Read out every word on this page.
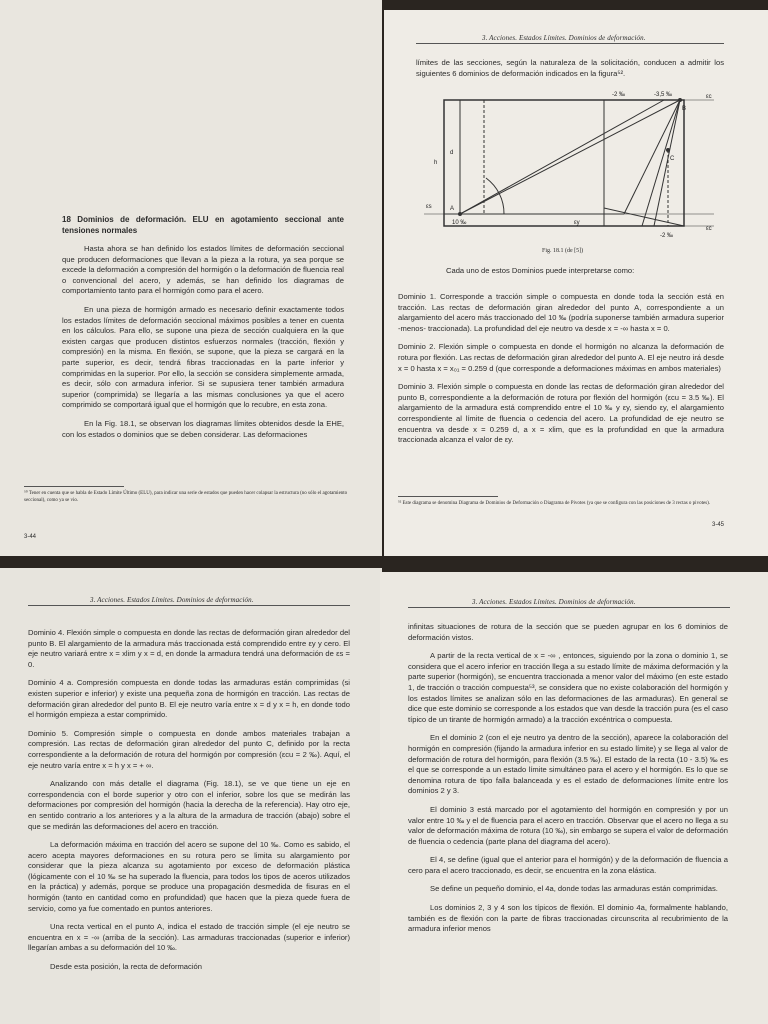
18 Dominios de deformación. ELU en agotamiento seccional ante tensiones normales

Hasta ahora se han definido los estados límites de deformación seccional que producen deformaciones que llevan a la pieza a la rotura, ya sea porque se excede la deformación a compresión del hormigón o la deformación de fluencia real o convencional del acero, y además, se han definido los diagramas de comportamiento tanto para el hormigón como para el acero.

En una pieza de hormigón armado es necesario definir exactamente todos los estados límites de deformación seccional máximos posibles a tener en cuenta en los cálculos. Para ello, se supone una pieza de sección cualquiera en la que existen cargas que producen distintos esfuerzos normales (tracción, flexión y compresión) en la misma. En flexión, se supone, que la pieza se cargará en la parte superior, es decir, tendrá fibras traccionadas en la parte inferior y comprimidas en la superior. Por ello, la sección se considera simplemente armada, es decir, sólo con armadura inferior. Si se supusiera tener también armadura superior (comprimida) se llegaría a las mismas conclusiones ya que el acero comprimido se comportará igual que el hormigón que lo recubre, en esta zona.

En la Fig. 18.1, se observan los diagramas límites obtenidos desde la EHE, con los estados o dominios que se deben considerar. Las deformaciones

⁵⁰ Tener en cuenta que se habla de Estado Límite Último (ELU), para indicar una serie de estados que pueden hacer colapsar la estructura (no sólo el agotamiento seccional), como ya se vio.
3-44
3. Acciones. Estados Límites. Dominios de deformación.
límites de las secciones, según la naturaleza de la solicitación, conducen a admitir los siguientes 6 dominios de deformación indicados en la figura⁵².
-2 ‰	-3,5 ‰	εc
εs
10 ‰
-2 ‰
εc
εy
A
B
C
h
d
Fig. 18.1 (de [5])
Cada uno de estos Dominios puede interpretarse como:

Dominio 1. Corresponde a tracción simple o compuesta en donde toda la sección está en tracción. Las rectas de deformación giran alrededor del punto A, correspondiente a un alargamiento del acero más traccionado del 10 ‰ (podría suponerse también armadura superior -menos- traccionada). La profundidad del eje neutro va desde x = -∞ hasta x = 0.

Dominio 2. Flexión simple o compuesta en donde el hormigón no alcanza la deformación de rotura por flexión. Las rectas de deformación giran alrededor del punto A. El eje neutro irá desde x = 0 hasta x = x₀₁ = 0.259 d (que corresponde a deformaciones máximas en ambos materiales)

Dominio 3. Flexión simple o compuesta en donde las rectas de deformación giran alrededor del punto B, correspondiente a la deformación de rotura por flexión del hormigón (εcu = 3.5 ‰). El alargamiento de la armadura está comprendido entre el 10 ‰ y εy, siendo εy, el alargamiento correspondiente al límite de fluencia o cedencia del acero. La profundidad de eje neutro se encuentra va desde x = 0.259 d, a x = xlim, que es la profundidad en que la armadura traccionada alcanza el valor de εy.

⁵² Este diagrama se denomina Diagrama de Dominios de Deformación o Diagrama de Pivotes (ya que se configura con las posiciones de 3 rectas o pivotes).
3-45
3. Acciones. Estados Límites. Dominios de deformación.

Dominio 4. Flexión simple o compuesta en donde las rectas de deformación giran alrededor del punto B. El alargamiento de la armadura más traccionada está comprendido entre εy y cero. El eje neutro variará entre x = xlim y x = d, en donde la armadura tendrá una deformación de εs = 0.

Dominio 4 a. Compresión compuesta en donde todas las armaduras están comprimidas (si existen superior e inferior) y existe una pequeña zona de hormigón en tracción. Las rectas de deformación giran alrededor del punto B. El eje neutro varía entre x = d y x = h, en donde todo el hormigón empieza a estar comprimido.

Dominio 5. Compresión simple o compuesta en donde ambos materiales trabajan a compresión. Las rectas de deformación giran alrededor del punto C, definido por la recta correspondiente a la deformación de rotura del hormigón por compresión (εcu = 2 ‰). Aquí, el eje neutro varía entre x = h y x = + ∞.

Analizando con más detalle el diagrama (Fig. 18.1), se ve que tiene un eje en correspondencia con el borde superior y otro con el inferior, sobre los que se medirán las deformaciones por compresión del hormigón (hacia la derecha de la referencia). Hay otro eje, en sentido contrario a los anteriores y a la altura de la armadura de tracción (abajo) sobre el que se medirán las deformaciones del acero en tracción.

La deformación máxima en tracción del acero se supone del 10 ‰. Como es sabido, el acero acepta mayores deformaciones en su rotura pero se limita su alargamiento por considerar que la pieza alcanza su agotamiento por exceso de deformación plástica (lógicamente con el 10 ‰ se ha superado la fluencia, para todos los tipos de aceros utilizados en la práctica) y además, porque se produce una propagación desmedida de fisuras en el hormigón (tanto en cantidad como en profundidad) que hacen que la pieza quede fuera de servicio, como ya fue comentado en puntos anteriores.

Una recta vertical en el punto A, indica el estado de tracción simple (el eje neutro se encuentra en x = -∞ (arriba de la sección). Las armaduras traccionadas (superior e inferior) llegarían ambas a su deformación del 10 ‰.

Desde esta posición, la recta de deformación

3. Acciones. Estados Límites. Dominios de deformación.

infinitas situaciones de rotura de la sección que se pueden agrupar en los 6 dominios de deformación vistos.

A partir de la recta vertical de x = -∞ , entonces, siguiendo por la zona o dominio 1, se considera que el acero inferior en tracción llega a su estado límite de máxima deformación y la parte superior (hormigón), se encuentra traccionada a menor valor del máximo (en este estado 1, de tracción o tracción compuesta⁵³, se considera que no existe colaboración del hormigón y los estados límites se analizan sólo en las deformaciones de las armaduras). En general se dice que este dominio se corresponde a los estados que van desde la tracción pura (es el caso típico de un tirante de hormigón armado) a la tracción excéntrica o compuesta.

En el dominio 2 (con el eje neutro ya dentro de la sección), aparece la colaboración del hormigón en compresión (fijando la armadura inferior en su estado límite) y se llega al valor de deformación de rotura del hormigón, para flexión (3.5 ‰). El estado de la recta (10 - 3.5) ‰ es el que se corresponde a un estado límite simultáneo para el acero y el hormigón. Es lo que se denomina rotura de tipo falla balanceada y es el estado de deformaciones límite entre los dominios 2 y 3.

El dominio 3 está marcado por el agotamiento del hormigón en compresión y por un valor entre 10 ‰ y el de fluencia para el acero en tracción. Observar que el acero no llega a su valor de deformación máxima de rotura (10 ‰), sin embargo se supera el valor de deformación de fluencia o cedencia (parte plana del diagrama del acero).

El 4, se define (igual que el anterior para el hormigón) y de la deformación de fluencia a cero para el acero traccionado, es decir, se encuentra en la zona elástica.

Se define un pequeño dominio, el 4a, donde todas las armaduras están comprimidas.

Los dominios 2, 3 y 4 son los típicos de flexión. El dominio 4a, formalmente hablando, también es de flexión con la parte de fibras traccionadas circunscrita al recubrimiento de la armadura inferior menos
